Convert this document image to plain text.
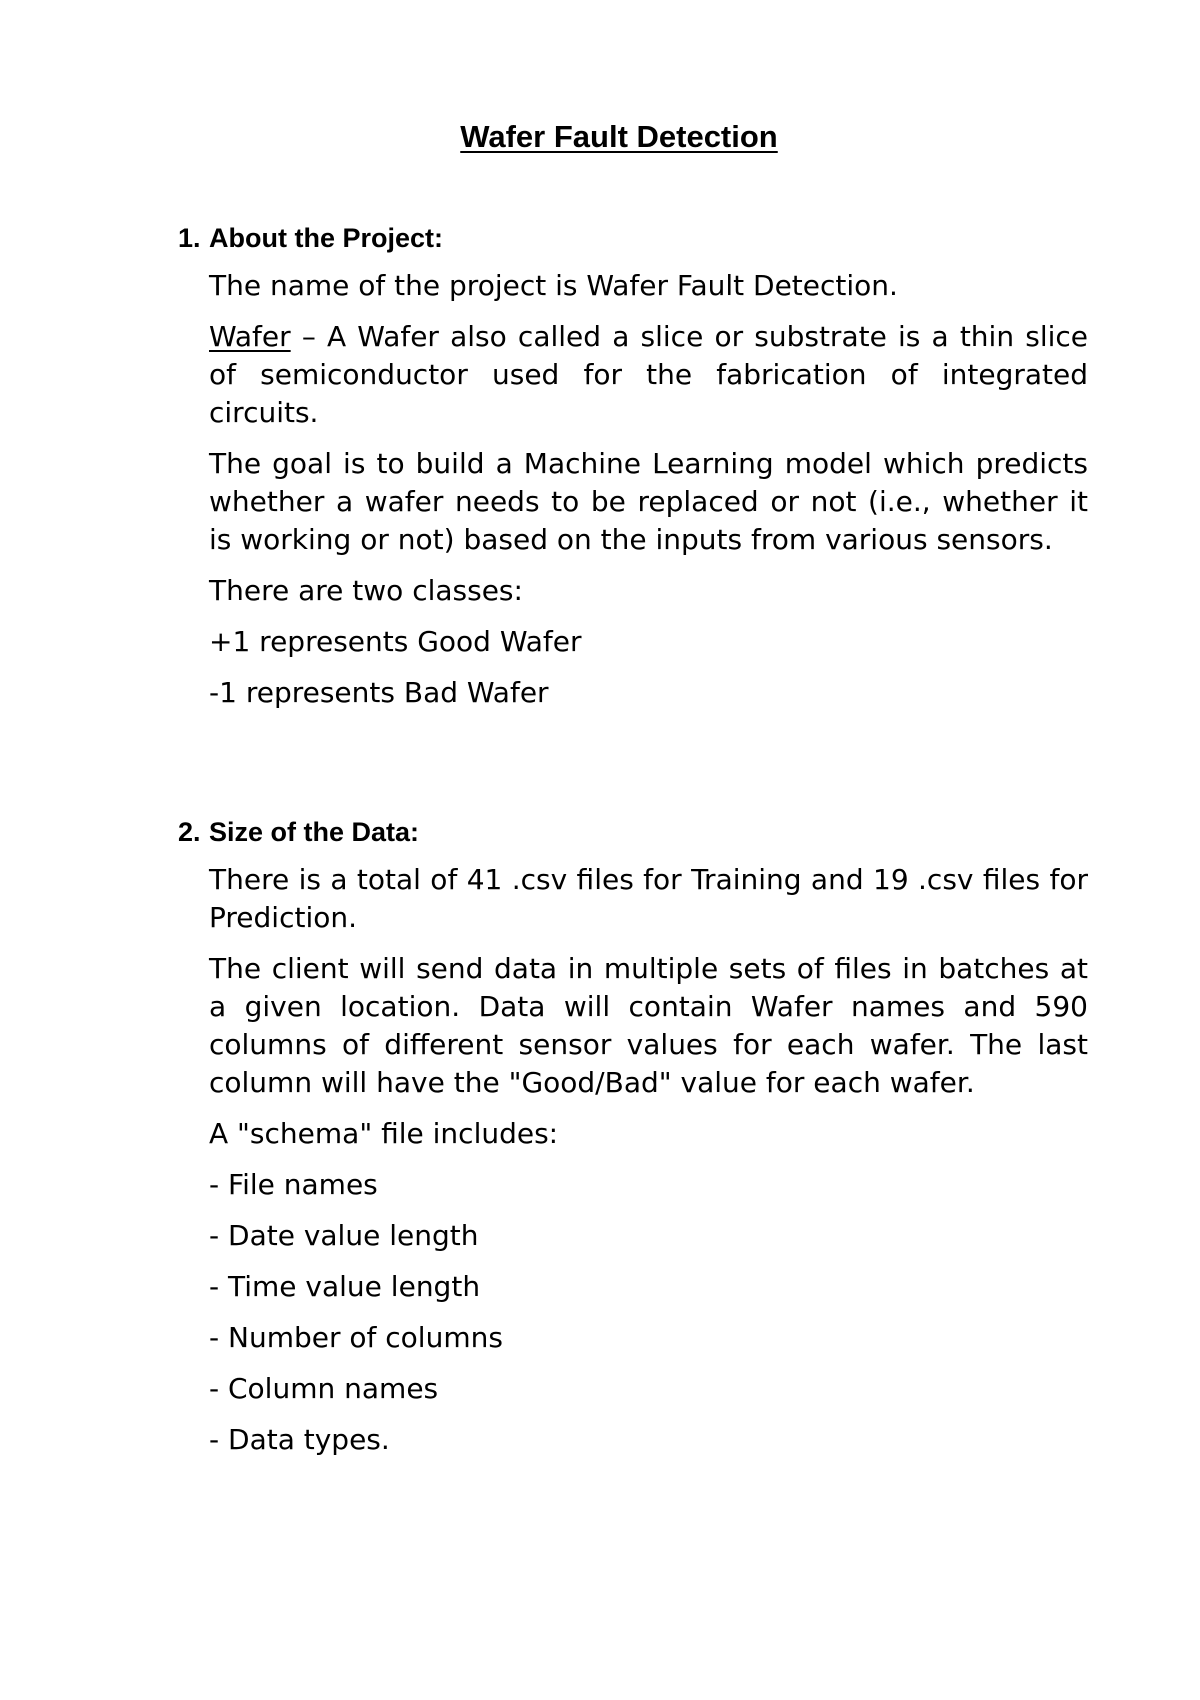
Wafer Fault Detection
1. About the Project:

The name of the project is Wafer Fault Detection.

Wafer – A Wafer also called a slice or substrate is a thin slice of semiconductor used for the fabrication of integrated circuits.

The goal is to build a Machine Learning model which predicts whether a wafer needs to be replaced or not (i.e., whether it is working or not) based on the inputs from various sensors.

There are two classes:

+1 represents Good Wafer

-1 represents Bad Wafer

2. Size of the Data:

There is a total of 41 .csv files for Training and 19 .csv files for Prediction.

The client will send data in multiple sets of files in batches at a given location. Data will contain Wafer names and 590 columns of different sensor values for each wafer. The last column will have the "Good/Bad" value for each wafer.

A "schema" file includes:

- File names

- Date value length

- Time value length

- Number of columns

- Column names

- Data types.
